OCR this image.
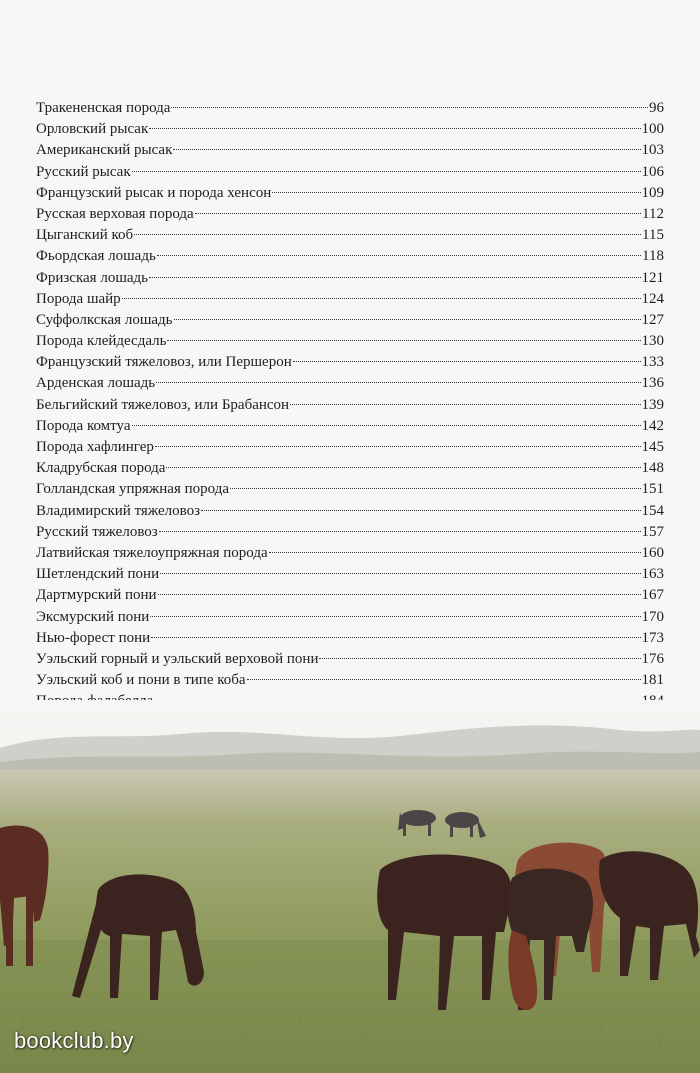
Тракененская порода	96
Орловский рысак	100
Американский рысак	103
Русский рысак	106
Французский рысак и порода хенсон	109
Русская верховая порода	112
Цыганский коб	115
Фьордская лошадь	118
Фризская лошадь	121
Порода шайр	124
Суффолкская лошадь	127
Порода клейдесдаль	130
Французский тяжеловоз, или Першерон	133
Арденская лошадь	136
Бельгийский тяжеловоз, или Брабансон	139
Порода комтуа	142
Порода хафлингер	145
Кладрубская порода	148
Голландская упряжная порода	151
Владимирский тяжеловоз	154
Русский тяжеловоз	157
Латвийская тяжелоупряжная порода	160
Шетлендский пони	163
Дартмурский пони	167
Эксмурский пони	170
Нью-форест пони	173
Уэльский горный и уэльский верховой пони	176
Уэльский коб и пони в типе коба	181
bookclub.by
